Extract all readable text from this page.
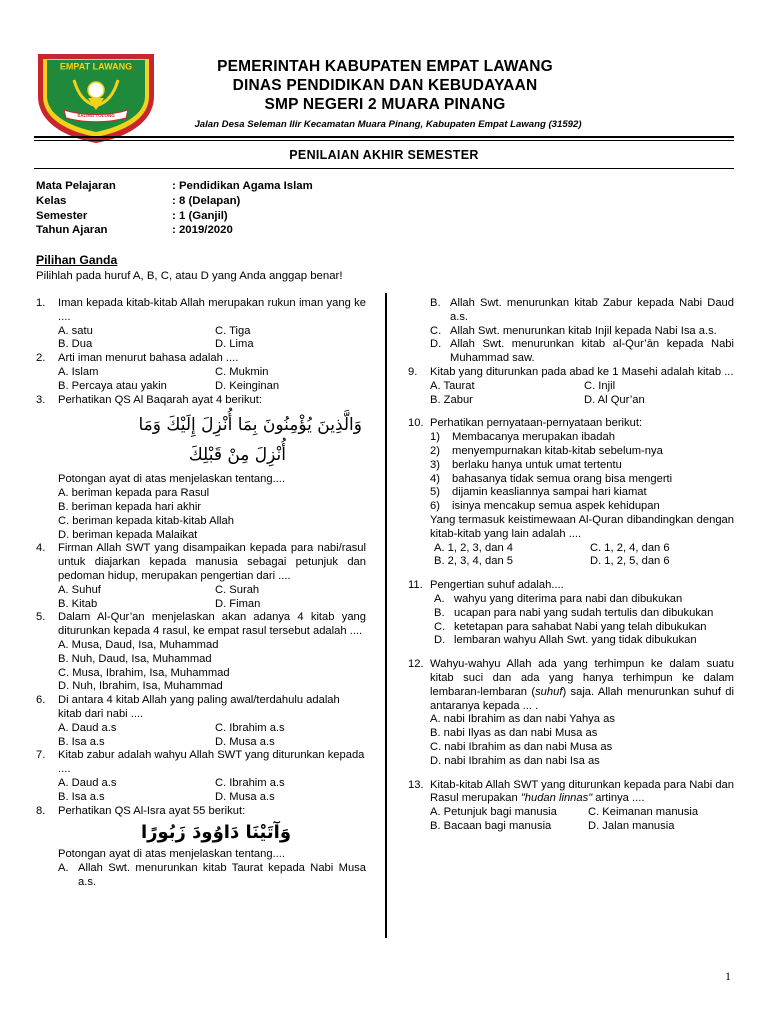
EMPAT LAWANG
SALING TOLONG
PEMERINTAH KABUPATEN EMPAT LAWANG
DINAS PENDIDIKAN DAN KEBUDAYAAN
SMP NEGERI 2 MUARA PINANG
Jalan Desa Seleman Ilir Kecamatan Muara Pinang, Kabupaten Empat Lawang (31592)
PENILAIAN AKHIR SEMESTER
Mata Pelajaran	: Pendidikan Agama Islam
Kelas	: 8 (Delapan)
Semester	: 1 (Ganjil)
Tahun Ajaran	: 2019/2020
Pilihan Ganda
Pilihlah pada huruf A, B, C, atau D yang Anda anggap benar!
1.	Iman kepada kitab-kitab Allah merupakan rukun iman yang ke ....
A. satu	C. Tiga
B. Dua	D. Lima
2.	Arti iman menurut bahasa adalah ....
A. Islam	C. Mukmin
B. Percaya atau yakin	D. Keinginan
3.	Perhatikan QS Al Baqarah ayat 4 berikut:
وَالَّذِينَ يُؤْمِنُونَ بِمَا أُنْزِلَ إِلَيْكَ وَمَا
أُنْزِلَ مِنْ قَبْلِكَ
Potongan ayat di atas menjelaskan tentang....
A. beriman kepada para Rasul
B. beriman kepada hari akhir
C. beriman kepada kitab-kitab Allah
D. beriman kepada Malaikat
4.	Firman Allah SWT yang disampaikan kepada para nabi/rasul untuk diajarkan kepada manusia sebagai petunjuk dan pedoman hidup, merupakan pengertian dari ....
A. Suhuf	C. Surah
B. Kitab	D. Fiman
5.	Dalam Al-Qur’an menjelaskan akan adanya 4 kitab yang diturunkan kepada 4 rasul, ke empat rasul tersebut adalah ....
A. Musa, Daud, Isa, Muhammad
B. Nuh, Daud, Isa, Muhammad
C. Musa, Ibrahim, Isa, Muhammad
D. Nuh, Ibrahim, Isa, Muhammad
6.	Di antara 4 kitab Allah yang paling awal/terdahulu adalah kitab dari nabi ....
A. Daud a.s	C. Ibrahim a.s
B. Isa a.s	D. Musa a.s
7.	Kitab zabur adalah wahyu Allah SWT yang diturunkan kepada ....
A. Daud a.s	C. Ibrahim a.s
B. Isa a.s	D. Musa a.s
8.	Perhatikan QS Al-Isra ayat 55 berikut:
وَآتَيْنَا دَاوُودَ زَبُورًا
Potongan ayat di atas menjelaskan tentang....
A. Allah Swt. menurunkan kitab Taurat kepada Nabi Musa a.s.
B. Allah Swt. menurunkan kitab Zabur kepada Nabi Daud a.s.
C. Allah Swt. menurunkan kitab Injil kepada Nabi Isa a.s.
D. Allah Swt. menurunkan kitab al-Qur’ān kepada Nabi Muhammad saw.
9.	Kitab yang diturunkan pada abad ke 1 Masehi adalah kitab ...
A. Taurat	C. Injil
B. Zabur	D. Al Qur’an
10. Perhatikan pernyataan-pernyataan berikut:
1)	Membacanya merupakan ibadah
2)	menyempurnakan kitab-kitab sebelum-nya
3)	berlaku hanya untuk umat tertentu
4)	bahasanya tidak semua orang bisa mengerti
5)	dijamin keasliannya sampai hari kiamat
6)	isinya mencakup semua aspek kehidupan
Yang termasuk keistimewaan Al-Quran dibandingkan dengan kitab-kitab yang lain adalah ....
A. 1, 2, 3, dan 4	C. 1, 2, 4, dan 6
B. 2, 3, 4, dan 5	D. 1, 2, 5, dan 6
11. Pengertian suhuf adalah....
A. wahyu yang diterima para nabi dan dibukukan
B. ucapan para nabi yang sudah tertulis dan dibukukan
C. ketetapan para sahabat Nabi yang telah dibukukan
D. lembaran wahyu Allah Swt. yang tidak dibukukan
12. Wahyu-wahyu Allah ada yang terhimpun ke dalam suatu kitab suci dan ada yang hanya terhimpun ke dalam lembaran-lembaran (suhuf) saja. Allah menurunkan suhuf di antaranya kepada ... .
A. nabi Ibrahim as dan nabi Yahya as
B. nabi Ilyas as dan nabi Musa as
C. nabi Ibrahim as dan nabi Musa as
D. nabi Ibrahim as dan nabi Isa as
13. Kitab-kitab Allah SWT yang diturunkan kepada para Nabi dan Rasul merupakan "hudan linnas" artinya ....
A. Petunjuk bagi manusia	C. Keimanan manusia
B. Bacaan bagi manusia	D. Jalan manusia
1
